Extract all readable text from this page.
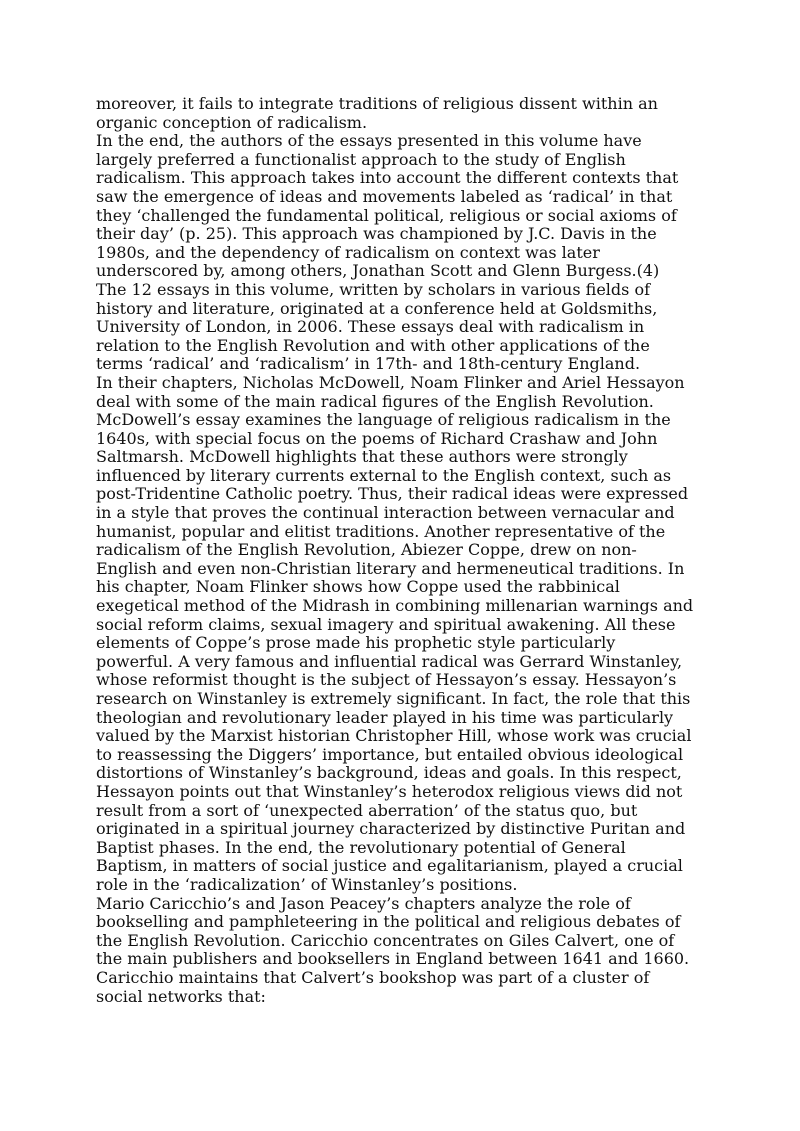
moreover, it fails to integrate traditions of religious dissent within an
organic conception of radicalism.

In the end, the authors of the essays presented in this volume have
largely preferred a functionalist approach to the study of English
radicalism. This approach takes into account the different contexts that
saw the emergence of ideas and movements labeled as ‘radical’ in that
they ‘challenged the fundamental political, religious or social axioms of
their day’ (p. 25). This approach was championed by J.C. Davis in the
1980s, and the dependency of radicalism on context was later
underscored by, among others, Jonathan Scott and Glenn Burgess.(4)

The 12 essays in this volume, written by scholars in various fields of
history and literature, originated at a conference held at Goldsmiths,
University of London, in 2006. These essays deal with radicalism in
relation to the English Revolution and with other applications of the
terms ‘radical’ and ‘radicalism’ in 17th- and 18th-century England.

In their chapters, Nicholas McDowell, Noam Flinker and Ariel Hessayon
deal with some of the main radical figures of the English Revolution.
McDowell’s essay examines the language of religious radicalism in the
1640s, with special focus on the poems of Richard Crashaw and John
Saltmarsh. McDowell highlights that these authors were strongly
influenced by literary currents external to the English context, such as
post-Tridentine Catholic poetry. Thus, their radical ideas were expressed
in a style that proves the continual interaction between vernacular and
humanist, popular and elitist traditions. Another representative of the
radicalism of the English Revolution, Abiezer Coppe, drew on non-
English and even non-Christian literary and hermeneutical traditions. In
his chapter, Noam Flinker shows how Coppe used the rabbinical
exegetical method of the Midrash in combining millenarian warnings and
social reform claims, sexual imagery and spiritual awakening. All these
elements of Coppe’s prose made his prophetic style particularly
powerful. A very famous and influential radical was Gerrard Winstanley,
whose reformist thought is the subject of Hessayon’s essay. Hessayon’s
research on Winstanley is extremely significant. In fact, the role that this
theologian and revolutionary leader played in his time was particularly
valued by the Marxist historian Christopher Hill, whose work was crucial
to reassessing the Diggers’ importance, but entailed obvious ideological
distortions of Winstanley’s background, ideas and goals. In this respect,
Hessayon points out that Winstanley’s heterodox religious views did not
result from a sort of ‘unexpected aberration’ of the status quo, but
originated in a spiritual journey characterized by distinctive Puritan and
Baptist phases. In the end, the revolutionary potential of General
Baptism, in matters of social justice and egalitarianism, played a crucial
role in the ‘radicalization’ of Winstanley’s positions.

Mario Caricchio’s and Jason Peacey’s chapters analyze the role of
bookselling and pamphleteering in the political and religious debates of
the English Revolution. Caricchio concentrates on Giles Calvert, one of
the main publishers and booksellers in England between 1641 and 1660.
Caricchio maintains that Calvert’s bookshop was part of a cluster of
social networks that:
